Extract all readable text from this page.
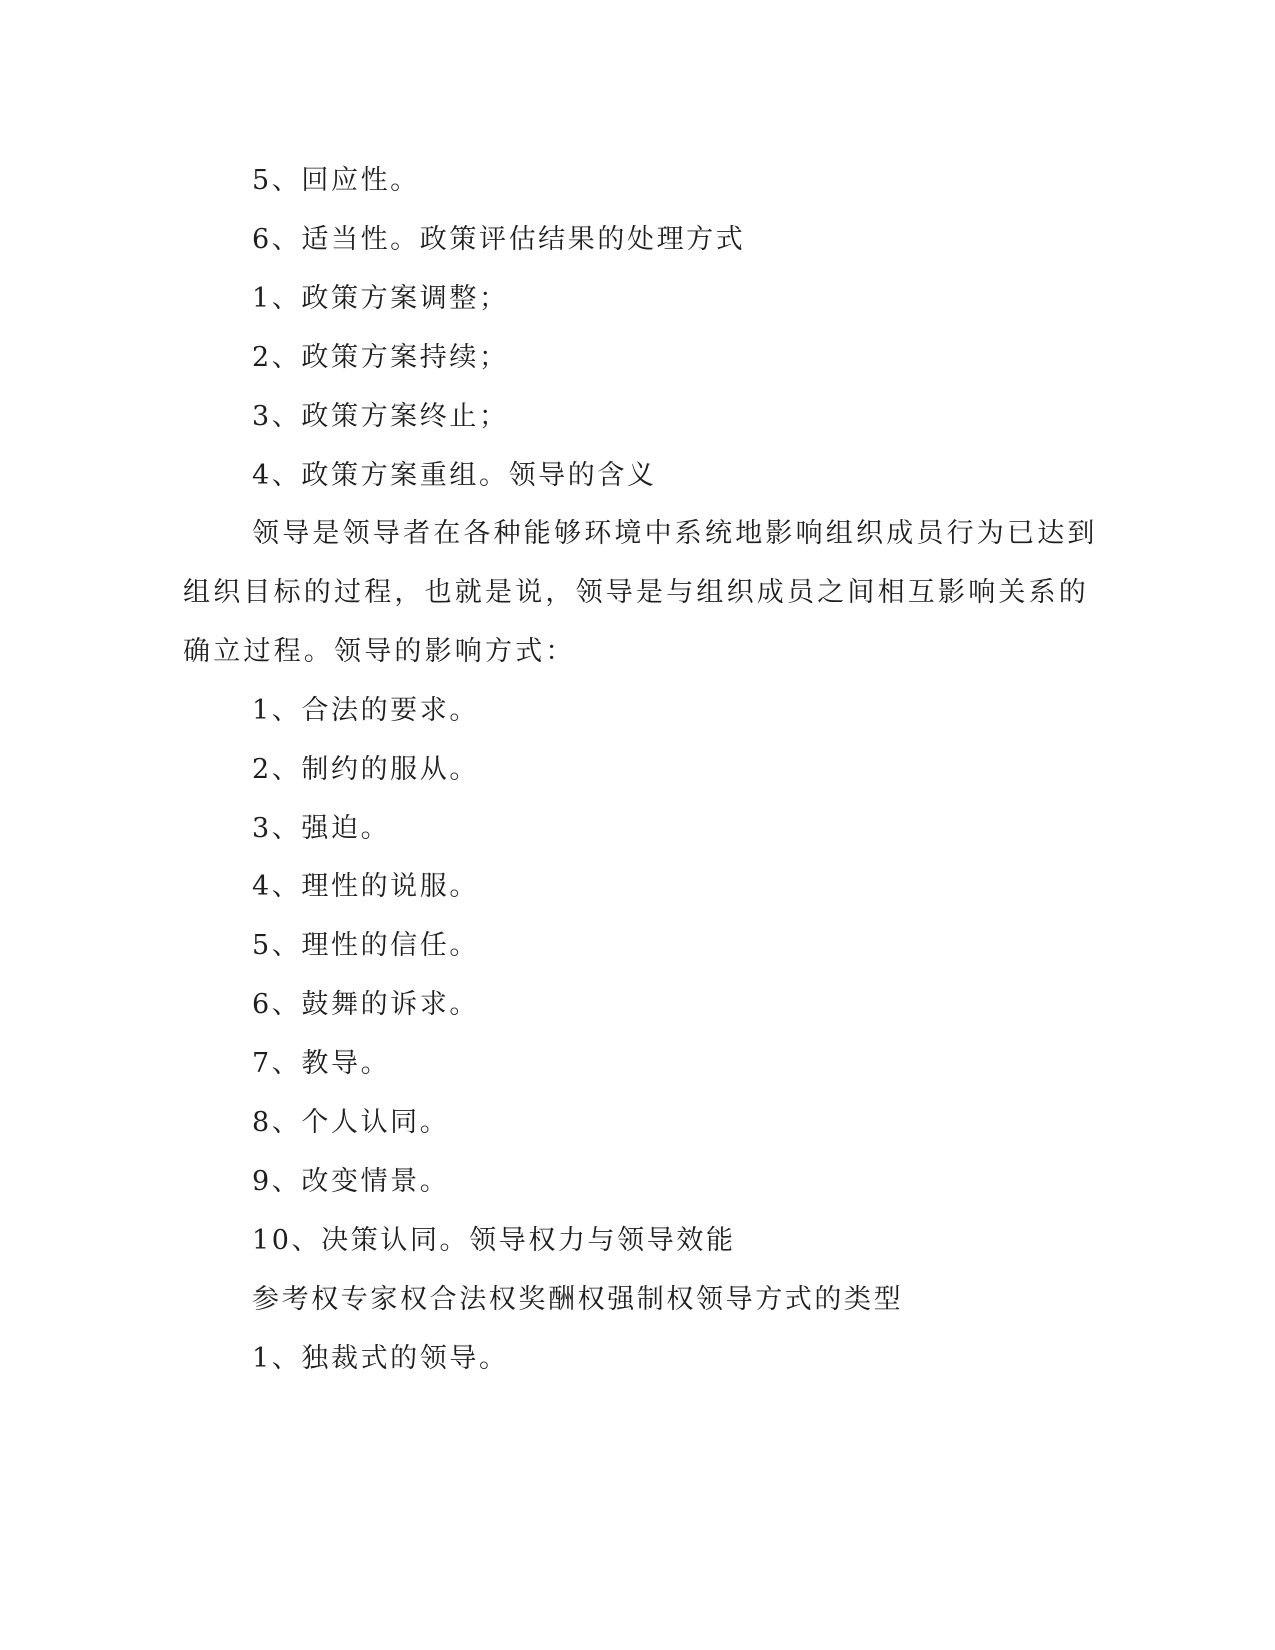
5、回应性。

6、适当性。政策评估结果的处理方式

1、政策方案调整；

2、政策方案持续；

3、政策方案终止；

4、政策方案重组。领导的含义

领导是领导者在各种能够环境中系统地影响组织成员行为已达到

组织目标的过程，也就是说，领导是与组织成员之间相互影响关系的

确立过程。领导的影响方式：

1、合法的要求。

2、制约的服从。

3、强迫。

4、理性的说服。

5、理性的信任。

6、鼓舞的诉求。

7、教导。

8、个人认同。

9、改变情景。

10、决策认同。领导权力与领导效能

参考权专家权合法权奖酬权强制权领导方式的类型

1、独裁式的领导。
